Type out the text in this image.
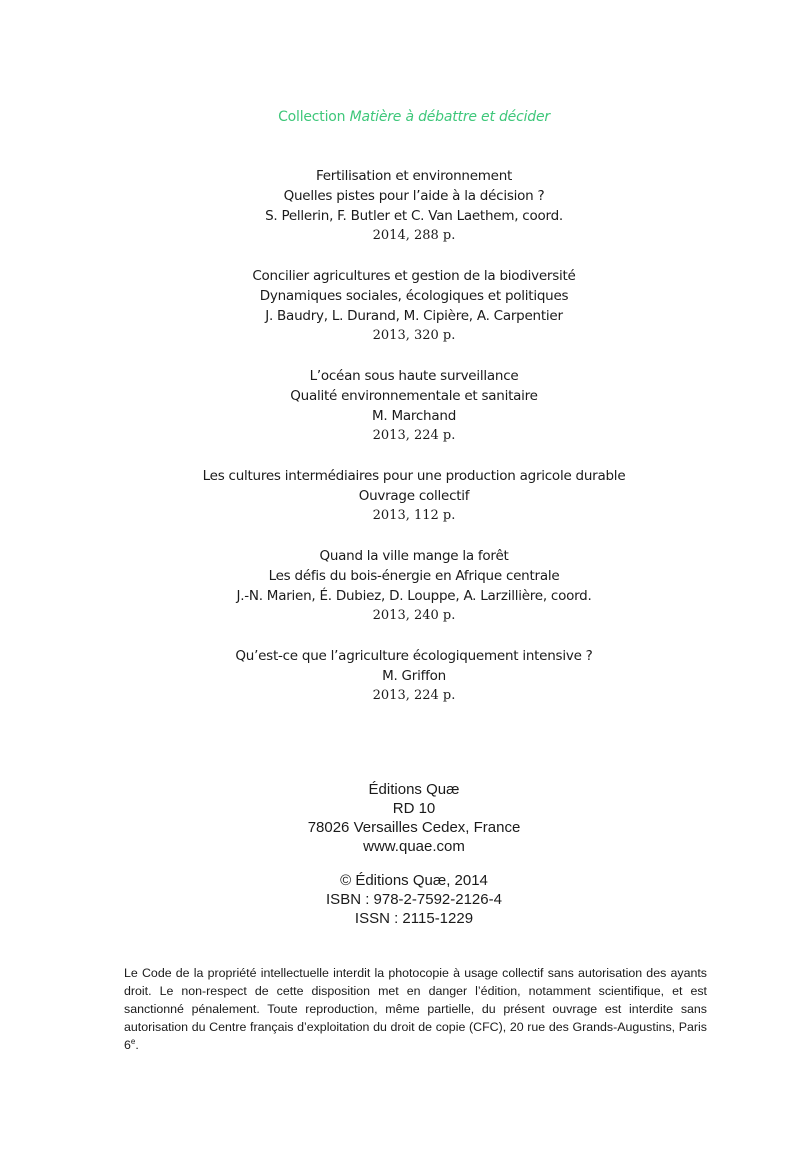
Collection Matière à débattre et décider
Fertilisation et environnement
Quelles pistes pour l’aide à la décision ?
S. Pellerin, F. Butler et C. Van Laethem, coord.
2014, 288 p.
Concilier agricultures et gestion de la biodiversité
Dynamiques sociales, écologiques et politiques
J. Baudry, L. Durand, M. Cipière, A. Carpentier
2013, 320 p.
L’océan sous haute surveillance
Qualité environnementale et sanitaire
M. Marchand
2013, 224 p.
Les cultures intermédiaires pour une production agricole durable
Ouvrage collectif
2013, 112 p.
Quand la ville mange la forêt
Les défis du bois-énergie en Afrique centrale
J.-N. Marien, É. Dubiez, D. Louppe, A. Larzillière, coord.
2013, 240 p.
Qu’est-ce que l’agriculture écologiquement intensive ?
M. Griffon
2013, 224 p.
Éditions Quæ
RD 10
78026 Versailles Cedex, France
www.quae.com
© Éditions Quæ, 2014
ISBN : 978-2-7592-2126-4
ISSN : 2115-1229
Le Code de la propriété intellectuelle interdit la photocopie à usage collectif sans autorisation des ayants droit. Le non-respect de cette disposition met en danger l’édition, notamment scientifique, et est sanctionné pénalement. Toute reproduction, même partielle, du présent ouvrage est interdite sans autorisation du Centre français d’exploitation du droit de copie (CFC), 20 rue des Grands-Augustins, Paris 6e.
